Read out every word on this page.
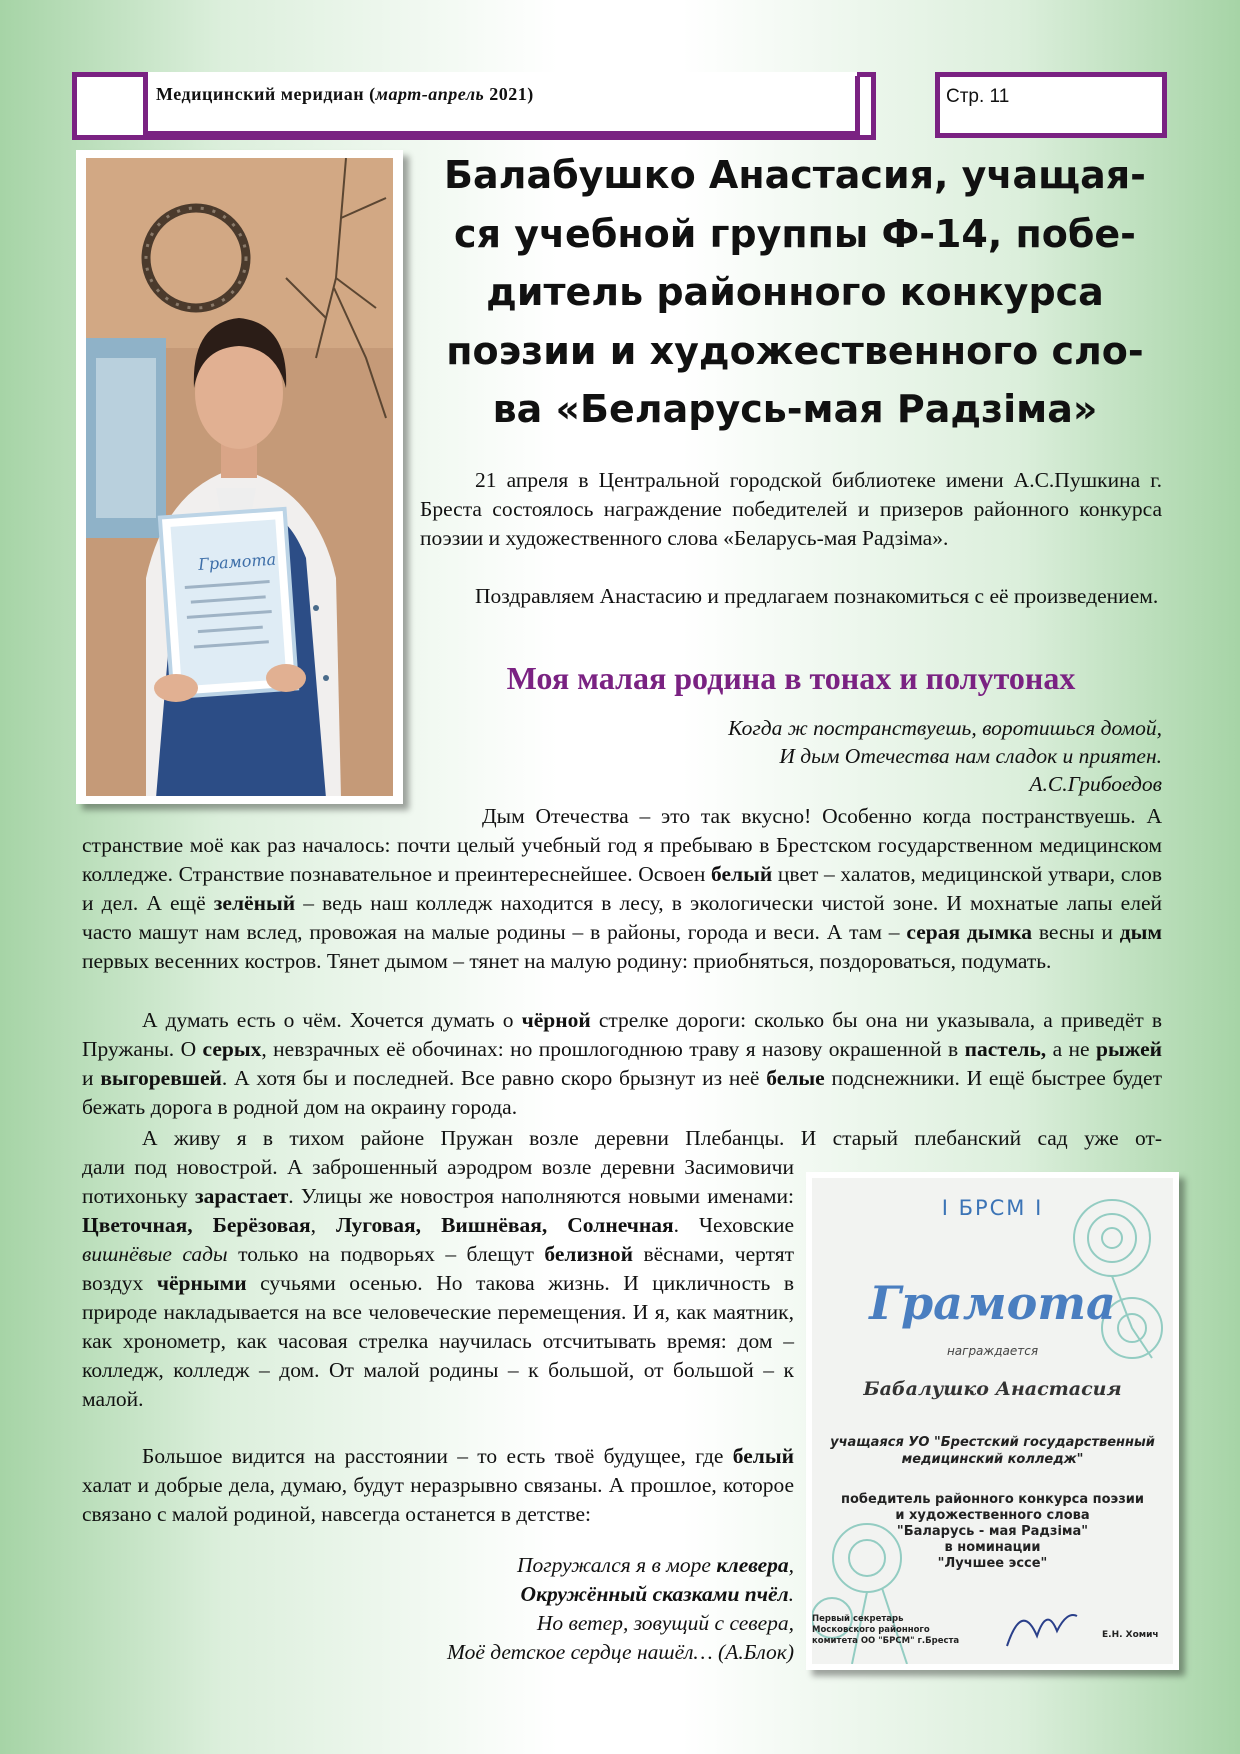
Медицинский меридиан (март-апрель 2021)	Стр. 11
Грамота
Балабушко Анастасия, учащая-
ся учебной группы Ф-14, побе-
дитель районного конкурса
поэзии и художественного сло-
ва «Беларусь-мая Радзiма»

21 апреля в Центральной городской библиотеке имени А.С.Пушкина г. Бреста состоялось награждение победителей и призеров районного конкурса поэзии и художественного слова «Беларусь-мая Радзiма».

Поздравляем Анастасию и предлагаем познакомиться с её произведением.

Моя малая родина в тонах и полутонах
Когда ж постранствуешь, воротишься домой,
И дым Отечества нам сладок и приятен.
А.С.Грибоедов

Дым Отечества – это так вкусно! Особенно когда постранствуешь. А странствие моё как раз началось: почти целый учебный год я пребываю в Брестском государственном медицинском колледже. Странствие познавательное и преинтереснейшее. Освоен белый цвет – халатов, медицинской утвари, слов и дел. А ещё зелёный – ведь наш колледж находится в лесу, в экологически чистой зоне. И мохнатые лапы елей часто машут нам вслед, провожая на малые родины – в районы, города и веси. А там – серая дымка весны и дым первых весенних костров. Тянет дымом – тянет на малую родину: приобняться, поздороваться, подумать.

А думать есть о чём. Хочется думать о чёрной стрелке дороги: сколько бы она ни указывала, а приведёт в Пружаны. О серых, невзрачных её обочинах: но прошлогоднюю траву я назову окрашенной в пастель, а не рыжей и выгоревшей. А хотя бы и последней. Все равно скоро брызнут из неё белые подснежники. И ещё быстрее будет бежать дорога в родной дом на окраину города.

А живу я в тихом районе Пружан возле деревни Плебанцы. И старый плебанский сад уже от-

дали под новострой. А заброшенный аэродром возле деревни Засимовичи потихоньку зарастает. Улицы же новостроя наполняются новыми именами: Цветочная, Берёзовая, Луговая, Вишнёвая, Солнечная. Чеховские вишнёвые сады только на подворьях – блещут белизной вёснами, чертят воздух чёрными сучьями осенью. Но такова жизнь. И цикличность в природе накладывается на все человеческие перемещения. И я, как маятник, как хронометр, как часовая стрелка научилась отсчитывать время: дом – колледж, колледж – дом. От малой родины – к большой, от большой – к малой.

Большое видится на расстоянии – то есть твоё будущее, где белый халат и добрые дела, думаю, будут неразрывно связаны. А прошлое, которое связано с малой родиной, навсегда останется в детстве:

Погружался я в море клевера,
Окружённый сказками пчёл.
Но ветер, зовущий с севера,
Моё детское сердце нашёл… (А.Блок)
І БРСМ І
Грамота
награждается
Бабалушко Анастасия
учащаяся УО "Брестский государственный
медицинский колледж"
победитель районного конкурса поэзии
и художественного слова
"Баларусь - мая Радзiма"
в номинации
"Лучшее эссе"
Первый секретарь
Московского районного
комитета ОО "БРСМ" г.Бреста
Е.Н. Хомич
